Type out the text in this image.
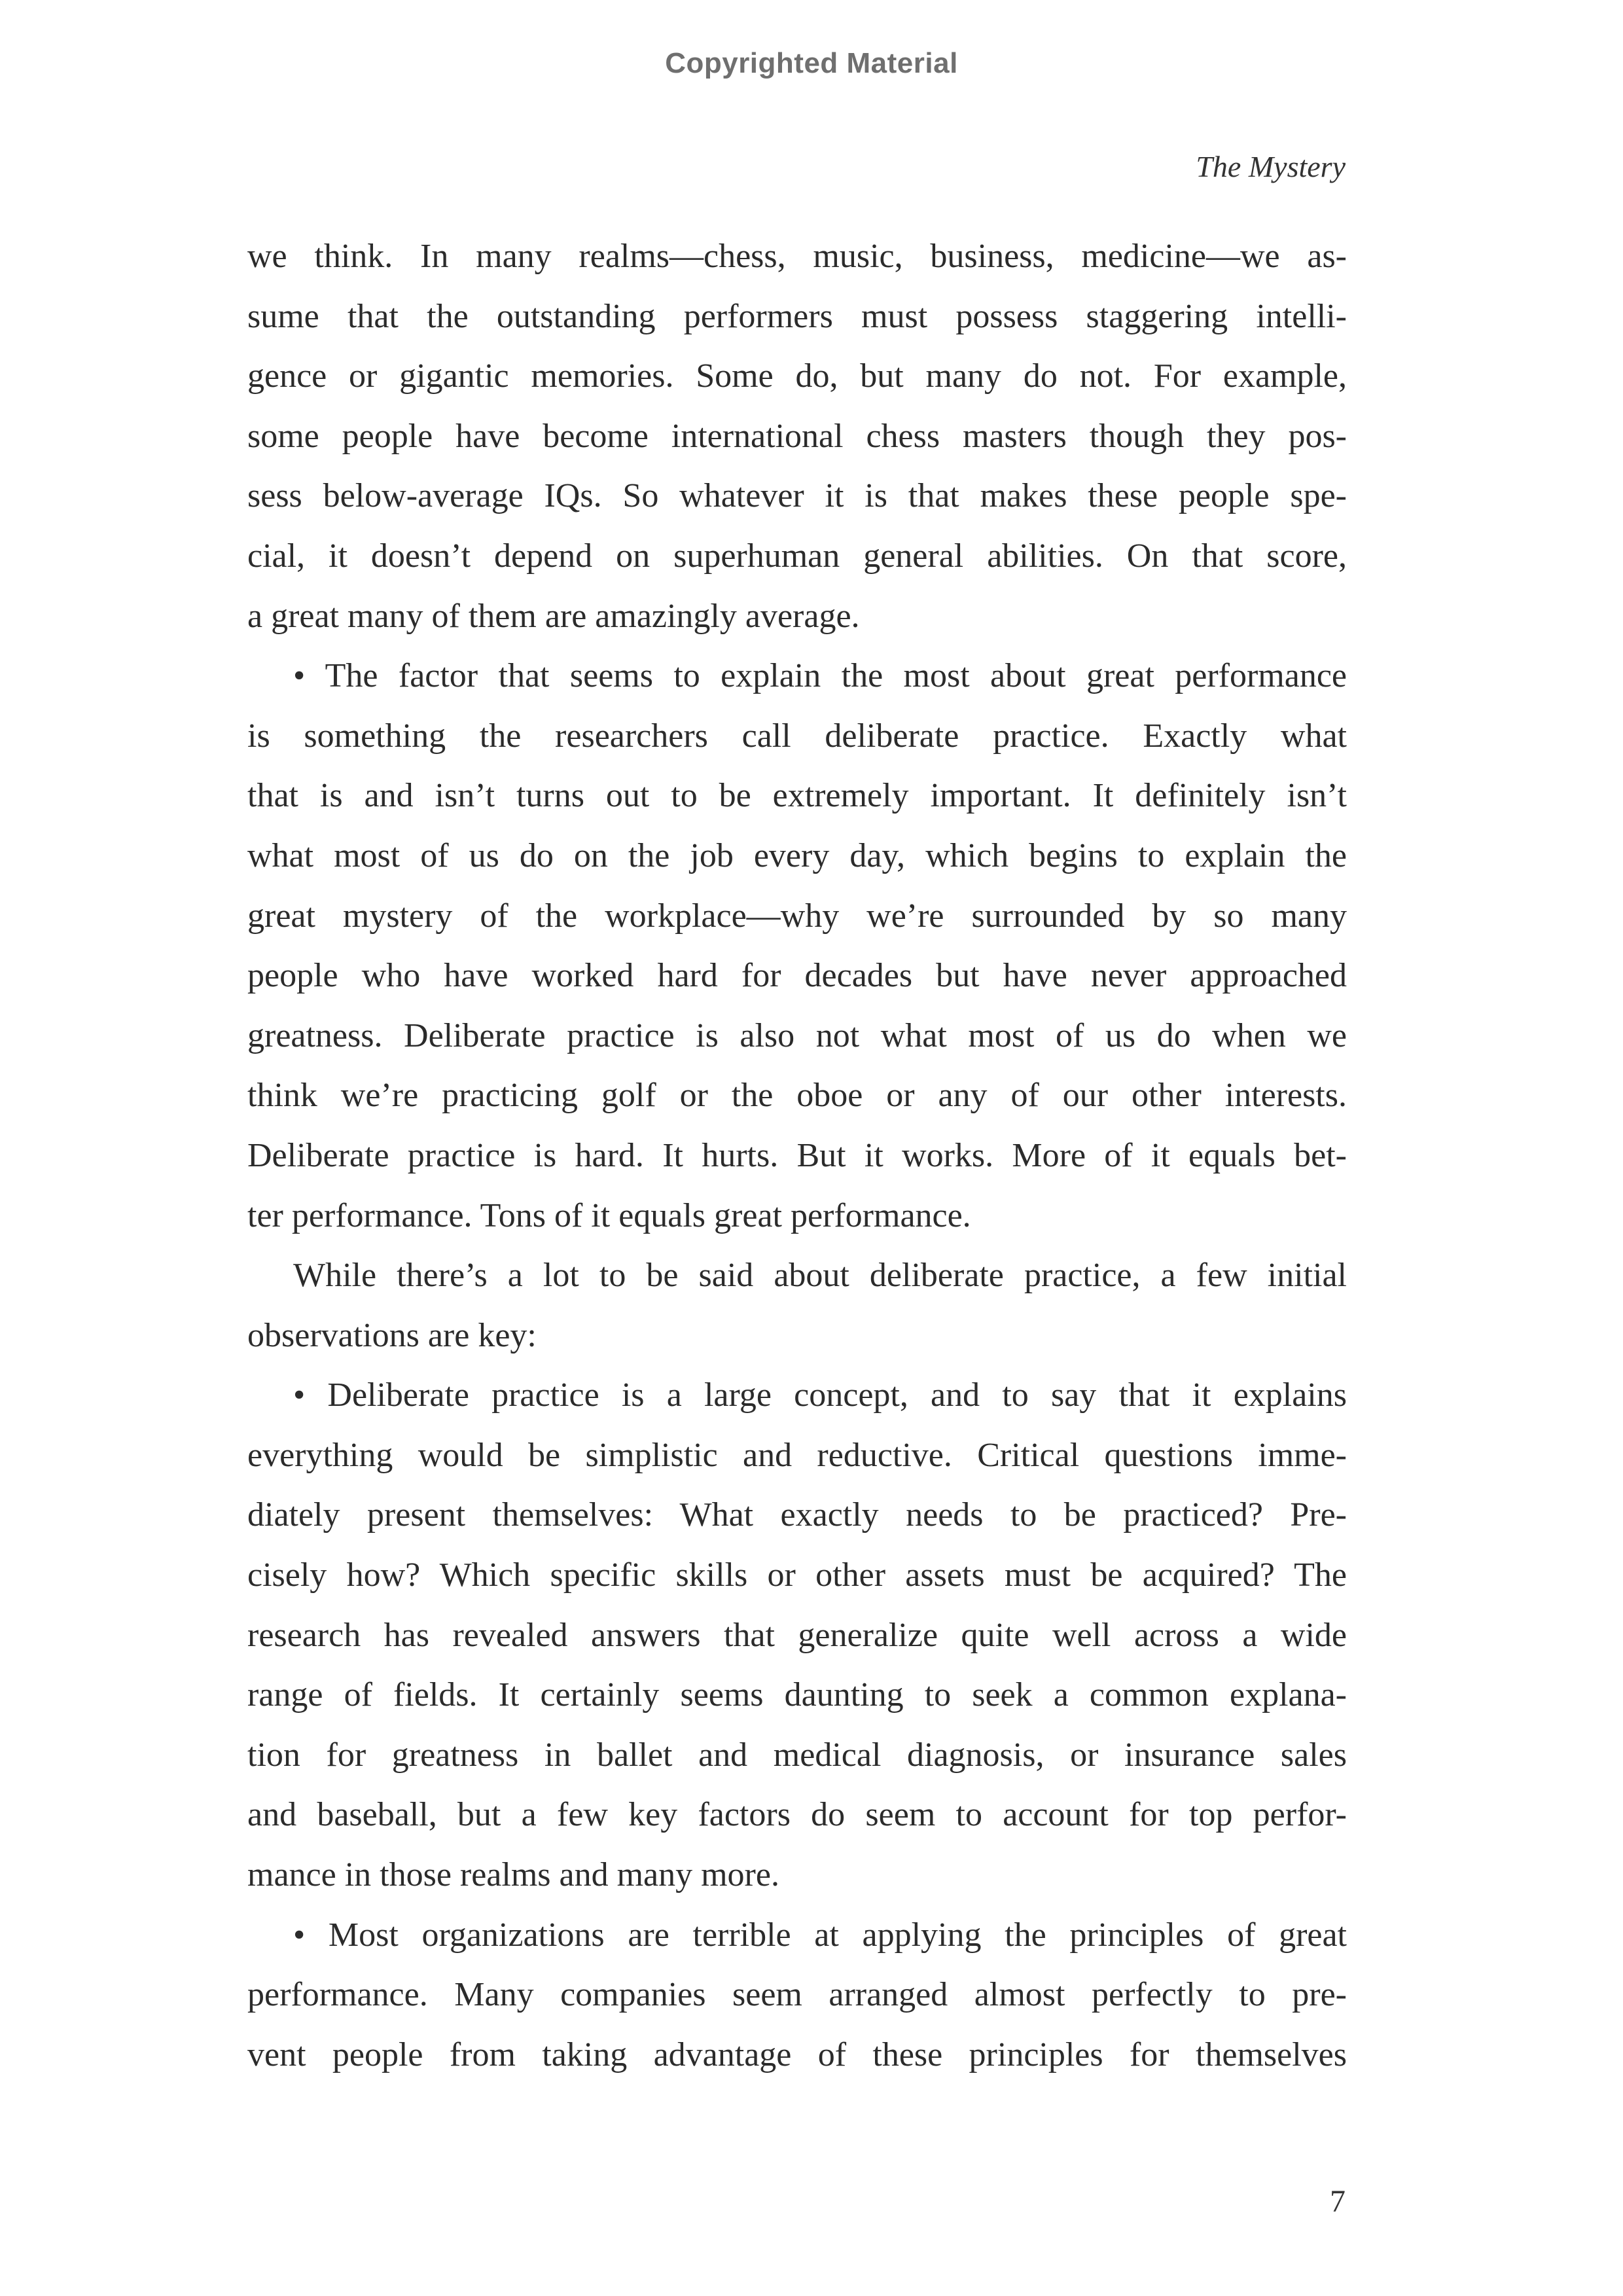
Copyrighted Material
The Mystery
we think. In many realms—chess, music, business, medicine—we as-
sume that the outstanding performers must possess staggering intelli-
gence or gigantic memories. Some do, but many do not. For example,
some people have become international chess masters though they pos-
sess below-average IQs. So whatever it is that makes these people spe-
cial, it doesn’t depend on superhuman general abilities. On that score,
a great many of them are amazingly average.
• The factor that seems to explain the most about great performance
is something the researchers call deliberate practice. Exactly what
that is and isn’t turns out to be extremely important. It definitely isn’t
what most of us do on the job every day, which begins to explain the
great mystery of the workplace—why we’re surrounded by so many
people who have worked hard for decades but have never approached
greatness. Deliberate practice is also not what most of us do when we
think we’re practicing golf or the oboe or any of our other interests.
Deliberate practice is hard. It hurts. But it works. More of it equals bet-
ter performance. Tons of it equals great performance.
While there’s a lot to be said about deliberate practice, a few initial
observations are key:
• Deliberate practice is a large concept, and to say that it explains
everything would be simplistic and reductive. Critical questions imme-
diately present themselves: What exactly needs to be practiced? Pre-
cisely how? Which specific skills or other assets must be acquired? The
research has revealed answers that generalize quite well across a wide
range of fields. It certainly seems daunting to seek a common explana-
tion for greatness in ballet and medical diagnosis, or insurance sales
and baseball, but a few key factors do seem to account for top perfor-
mance in those realms and many more.
• Most organizations are terrible at applying the principles of great
performance. Many companies seem arranged almost perfectly to pre-
vent people from taking advantage of these principles for themselves
7
